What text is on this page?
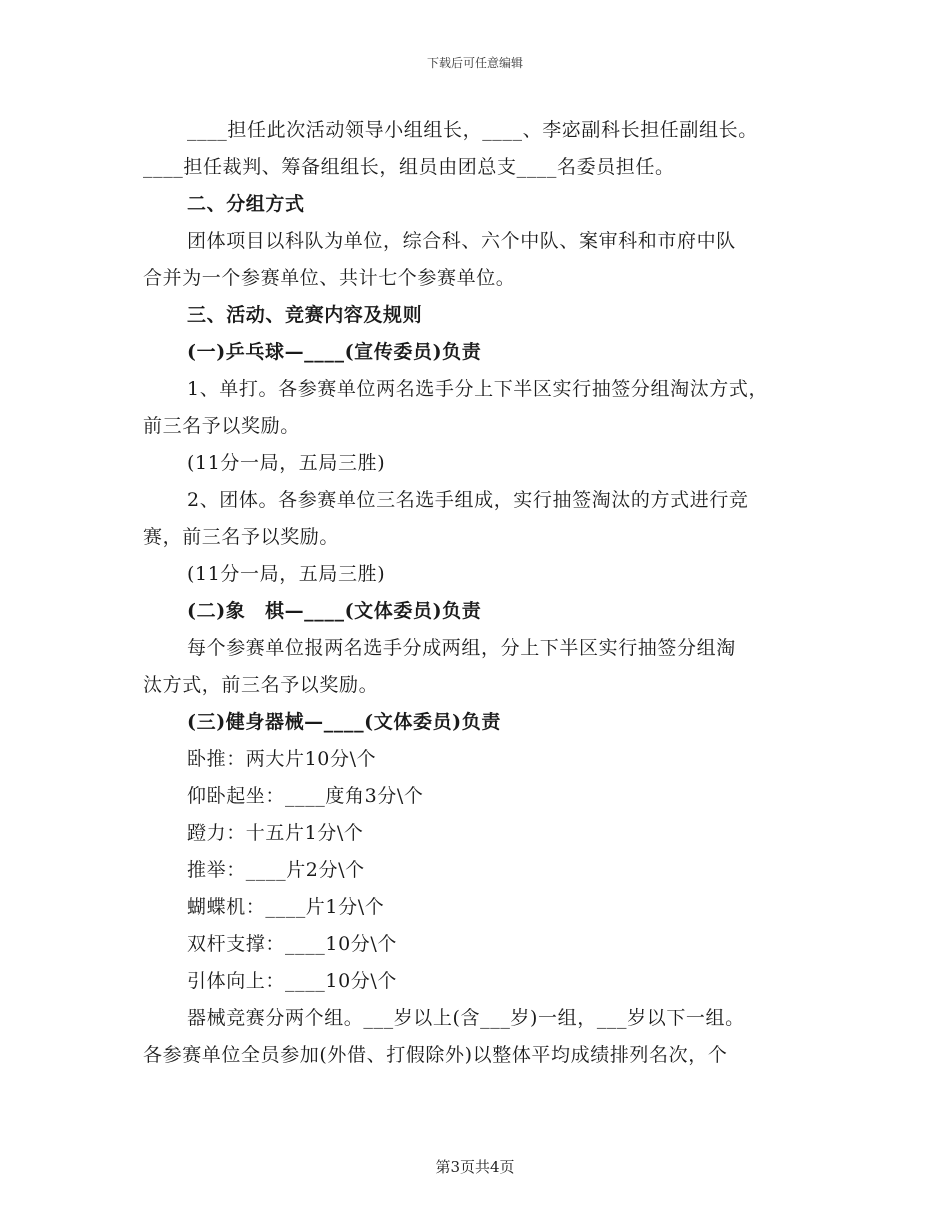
下载后可任意编辑
____担任此次活动领导小组组长，____、李宓副科长担任副组长。
____担任裁判、筹备组组长，组员由团总支____名委员担任。
二、分组方式
团体项目以科队为单位，综合科、六个中队、案审科和市府中队
合并为一个参赛单位、共计七个参赛单位。
三、活动、竞赛内容及规则
(一)乒乓球—____(宣传委员)负责
1、单打。各参赛单位两名选手分上下半区实行抽签分组淘汰方式，
前三名予以奖励。
(11分一局，五局三胜)
2、团体。各参赛单位三名选手组成，实行抽签淘汰的方式进行竞
赛，前三名予以奖励。
(11分一局，五局三胜)
(二)象　棋—____(文体委员)负责
每个参赛单位报两名选手分成两组，分上下半区实行抽签分组淘
汰方式，前三名予以奖励。
(三)健身器械—____(文体委员)负责
卧推：两大片10分\个
仰卧起坐：____度角3分\个
蹬力：十五片1分\个
推举：____片2分\个
蝴蝶机：____片1分\个
双杆支撑：____10分\个
引体向上：____10分\个
器械竞赛分两个组。___岁以上(含___岁)一组，___岁以下一组。
各参赛单位全员参加(外借、打假除外)以整体平均成绩排列名次，个
第3页共4页
